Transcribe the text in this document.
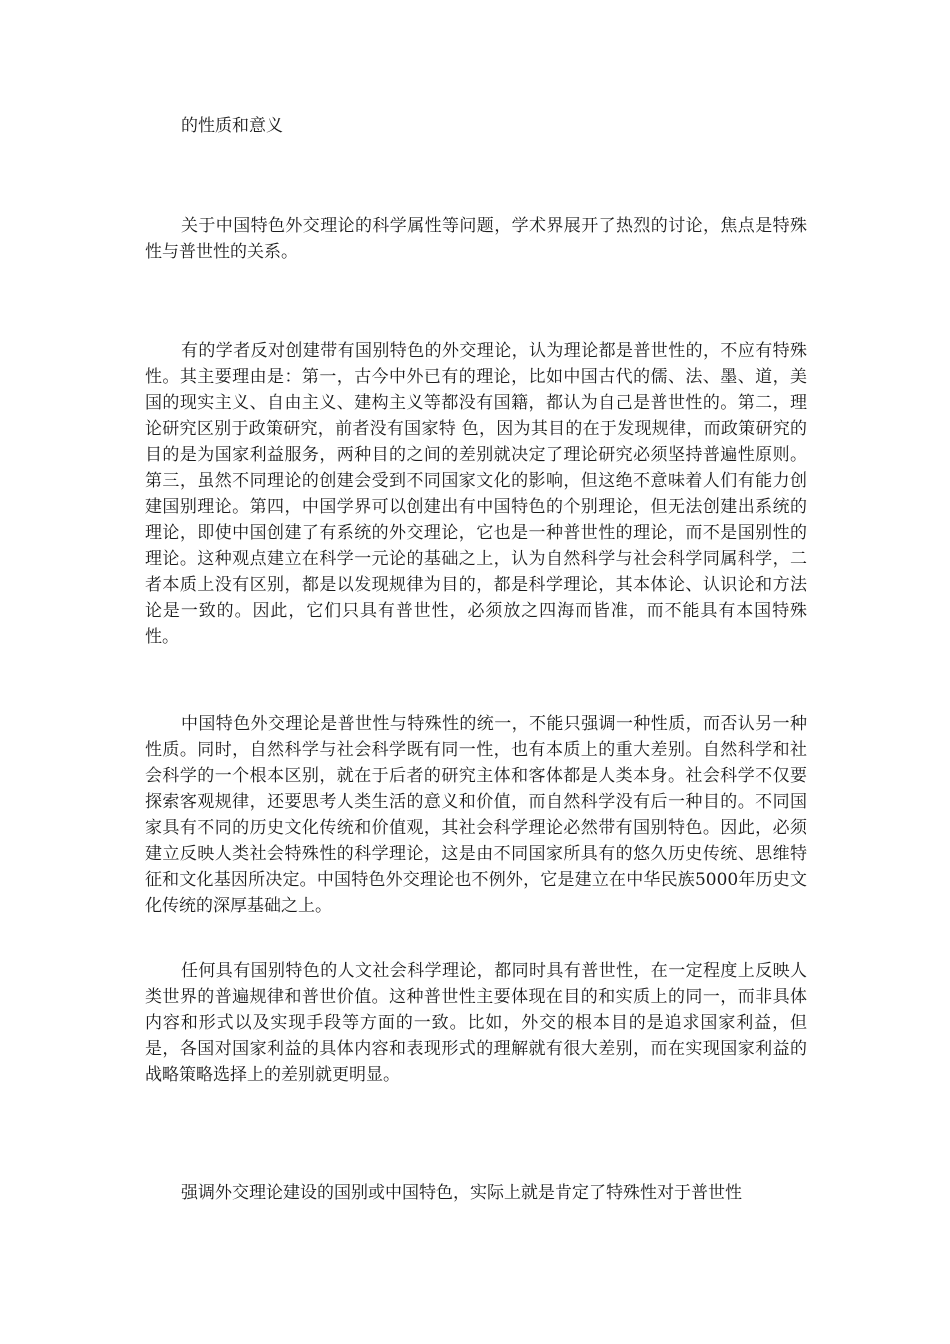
的性质和意义

关于中国特色外交理论的科学属性等问题，学术界展开了热烈的讨论，焦点是特殊性与普世性的关系。

有的学者反对创建带有国别特色的外交理论，认为理论都是普世性的，不应有特殊性。其主要理由是：第一，古今中外已有的理论，比如中国古代的儒、法、墨、道，美国的现实主义、自由主义、建构主义等都没有国籍，都认为自己是普世性的。第二，理论研究区别于政策研究，前者没有国家特 色，因为其目的在于发现规律，而政策研究的目的是为国家利益服务，两种目的之间的差别就决定了理论研究必须坚持普遍性原则。第三，虽然不同理论的创建会受到不同国家文化的影响，但这绝不意味着人们有能力创建国别理论。第四，中国学界可以创建出有中国特色的个别理论，但无法创建出系统的理论，即使中国创建了有系统的外交理论，它也是一种普世性的理论，而不是国别性的理论。这种观点建立在科学一元论的基础之上，认为自然科学与社会科学同属科学，二者本质上没有区别，都是以发现规律为目的，都是科学理论，其本体论、认识论和方法论是一致的。因此，它们只具有普世性，必须放之四海而皆准，而不能具有本国特殊性。

中国特色外交理论是普世性与特殊性的统一，不能只强调一种性质，而否认另一种性质。同时，自然科学与社会科学既有同一性，也有本质上的重大差别。自然科学和社会科学的一个根本区别，就在于后者的研究主体和客体都是人类本身。社会科学不仅要探索客观规律，还要思考人类生活的意义和价值，而自然科学没有后一种目的。不同国家具有不同的历史文化传统和价值观，其社会科学理论必然带有国别特色。因此，必须建立反映人类社会特殊性的科学理论，这是由不同国家所具有的悠久历史传统、思维特征和文化基因所决定。中国特色外交理论也不例外，它是建立在中华民族5000年历史文化传统的深厚基础之上。

任何具有国别特色的人文社会科学理论，都同时具有普世性，在一定程度上反映人类世界的普遍规律和普世价值。这种普世性主要体现在目的和实质上的同一，而非具体内容和形式以及实现手段等方面的一致。比如，外交的根本目的是追求国家利益，但是，各国对国家利益的具体内容和表现形式的理解就有很大差别，而在实现国家利益的战略策略选择上的差别就更明显。

强调外交理论建设的国别或中国特色，实际上就是肯定了特殊性对于普世性
